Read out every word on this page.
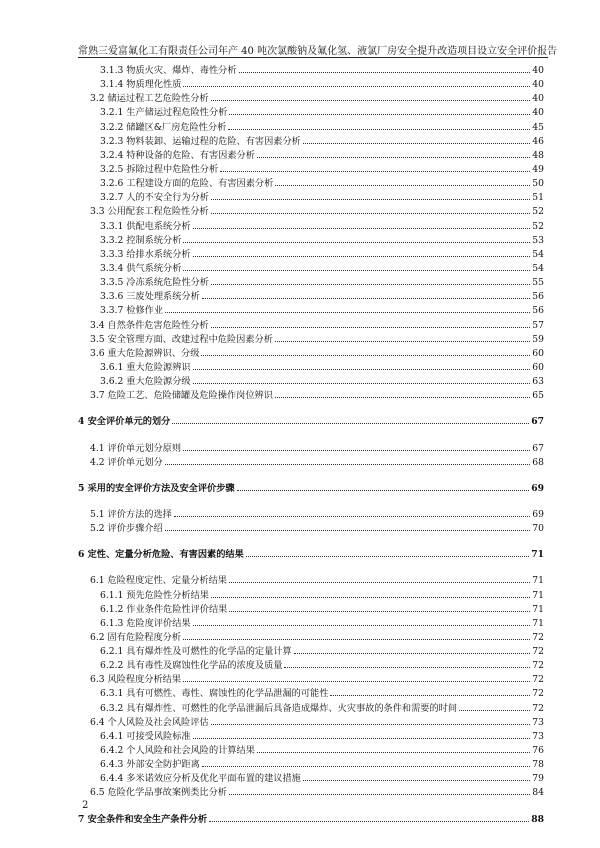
常熟三爱富氟化工有限责任公司年产 40 吨次氯酸钠及氟化氢、液氯厂房安全提升改造项目设立安全评价报告
3.1.3 物质火灾、爆炸、毒性分析	40
3.1.4 物质理化性质	40
3.2 储运过程工艺危险性分析	40
3.2.1 生产储运过程危险性分析	40
3.2.2 储罐区&厂房危险性分析	45
3.2.3 物料装卸、运输过程的危险、有害因素分析	46
3.2.4 特种设备的危险、有害因素分析	48
3.2.5 拆除过程中危险性分析	49
3.2.6 工程建设方面的危险、有害因素分析	50
3.2.7 人的不安全行为分析	51
3.3 公用配套工程危险性分析	52
3.3.1 供配电系统分析	52
3.3.2 控制系统分析	53
3.3.3 给排水系统分析	54
3.3.4 供气系统分析	54
3.3.5 冷冻系统危险性分析	55
3.3.6 三废处理系统分析	56
3.3.7 检修作业	56
3.4 自然条件危害危险性分析	57
3.5 安全管理方面、改建过程中危险因素分析	59
3.6 重大危险源辨识、分级	60
3.6.1 重大危险源辨识	60
3.6.2 重大危险源分级	63
3.7 危险工艺、危险储罐及危险操作岗位辨识	65
4 安全评价单元的划分	67
4.1 评价单元划分原则	67
4.2 评价单元划分	68
5 采用的安全评价方法及安全评价步骤	69
5.1 评价方法的选择	69
5.2 评价步骤介绍	70
6 定性、定量分析危险、有害因素的结果	71
6.1 危险程度定性、定量分析结果	71
6.1.1 预先危险性分析结果	71
6.1.2 作业条件危险性评价结果	71
6.1.3 危险度评价结果	71
6.2 固有危险程度分析	72
6.2.1 具有爆炸性及可燃性的化学品的定量计算	72
6.2.2 具有毒性及腐蚀性化学品的浓度及质量	72
6.3 风险程度分析结果	72
6.3.1 具有可燃性、毒性、腐蚀性的化学品泄漏的可能性	72
6.3.2 具有爆炸性、可燃性的化学品泄漏后具备造成爆炸、火灾事故的条件和需要的时间	72
6.4 个人风险及社会风险评估	73
6.4.1 可接受风险标准	73
6.4.2 个人风险和社会风险的计算结果	76
6.4.3 外部安全防护距离	78
6.4.4 多米诺效应分析及优化平面布置的建议措施	79
6.5 危险化学品事故案例类比分析	84
7 安全条件和安全生产条件分析	88
2
